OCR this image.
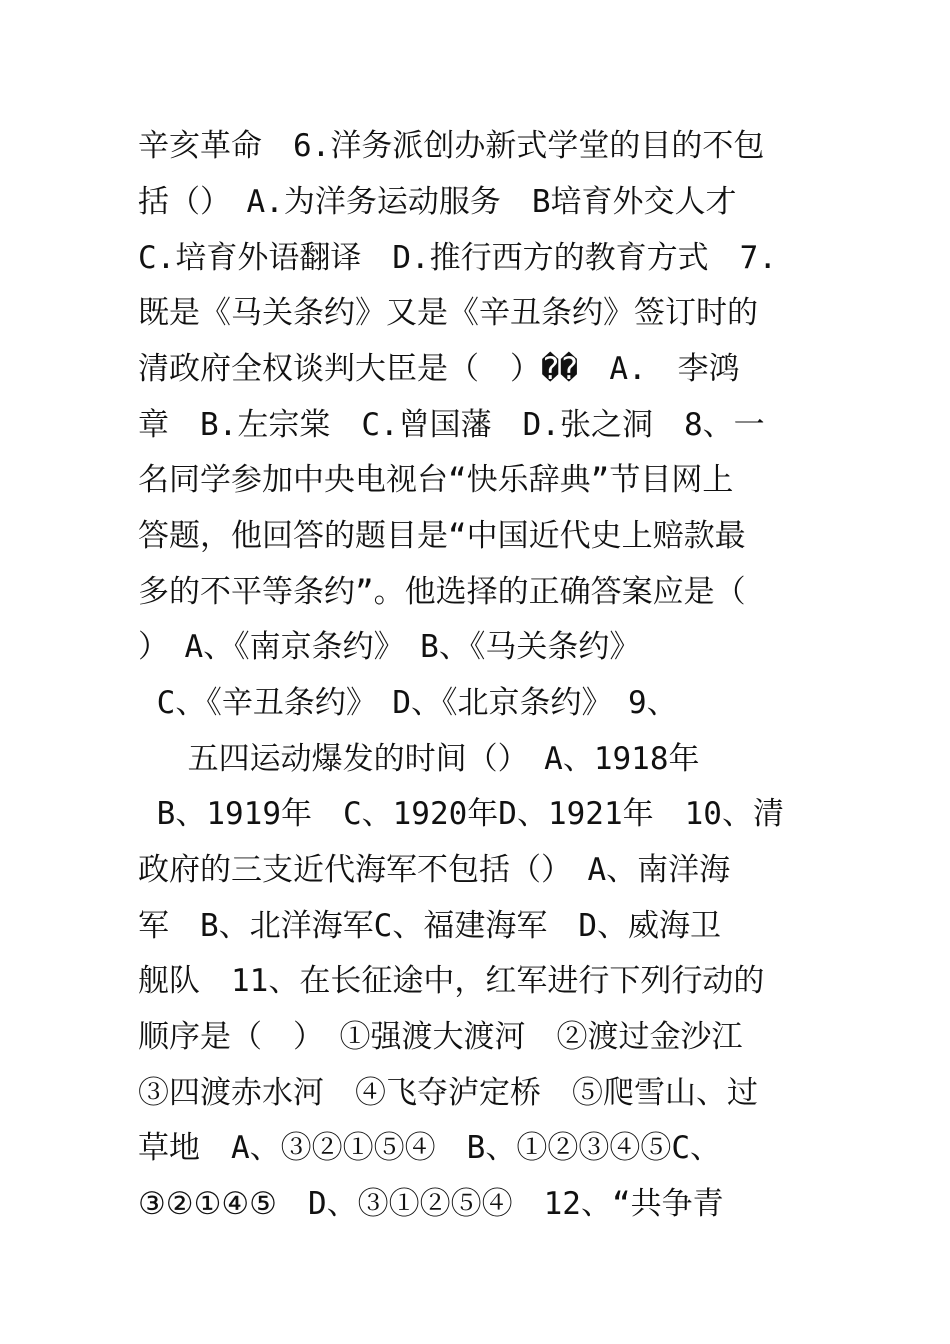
辛亥革命　6.洋务派创办新式学堂的目的不包
括（）　A.为洋务运动服务　B培育外交人才
C.培育外语翻译　D.推行西方的教育方式　7.
既是《马关条约》又是《辛丑条约》签订时的
清政府全权谈判大臣是（　）��　A.　李鸿
章　B.左宗棠　C.曾国藩　D.张之洞　8、一
名同学参加中央电视台“快乐辞典”节目网上
答题，他回答的题目是“中国近代史上赔款最
多的不平等条约”。他选择的正确答案应是（
）　A、《南京条约》　B、《马关条约》
C、《辛丑条约》　D、《北京条约》　9、
　 五四运动爆发的时间（）　A、1918年
B、1919年　C、1920年D、1921年　10、清
政府的三支近代海军不包括（）　A、南洋海
军　B、北洋海军C、福建海军　D、威海卫
舰队　11、在长征途中，红军进行下列行动的
顺序是（　）　①强渡大渡河　②渡过金沙江
③四渡赤水河　④飞夺泸定桥　⑤爬雪山、过
草地　A、③②①⑤④　B、①②③④⑤C、
③②①④⑤　D、③①②⑤④　12、“共争青
